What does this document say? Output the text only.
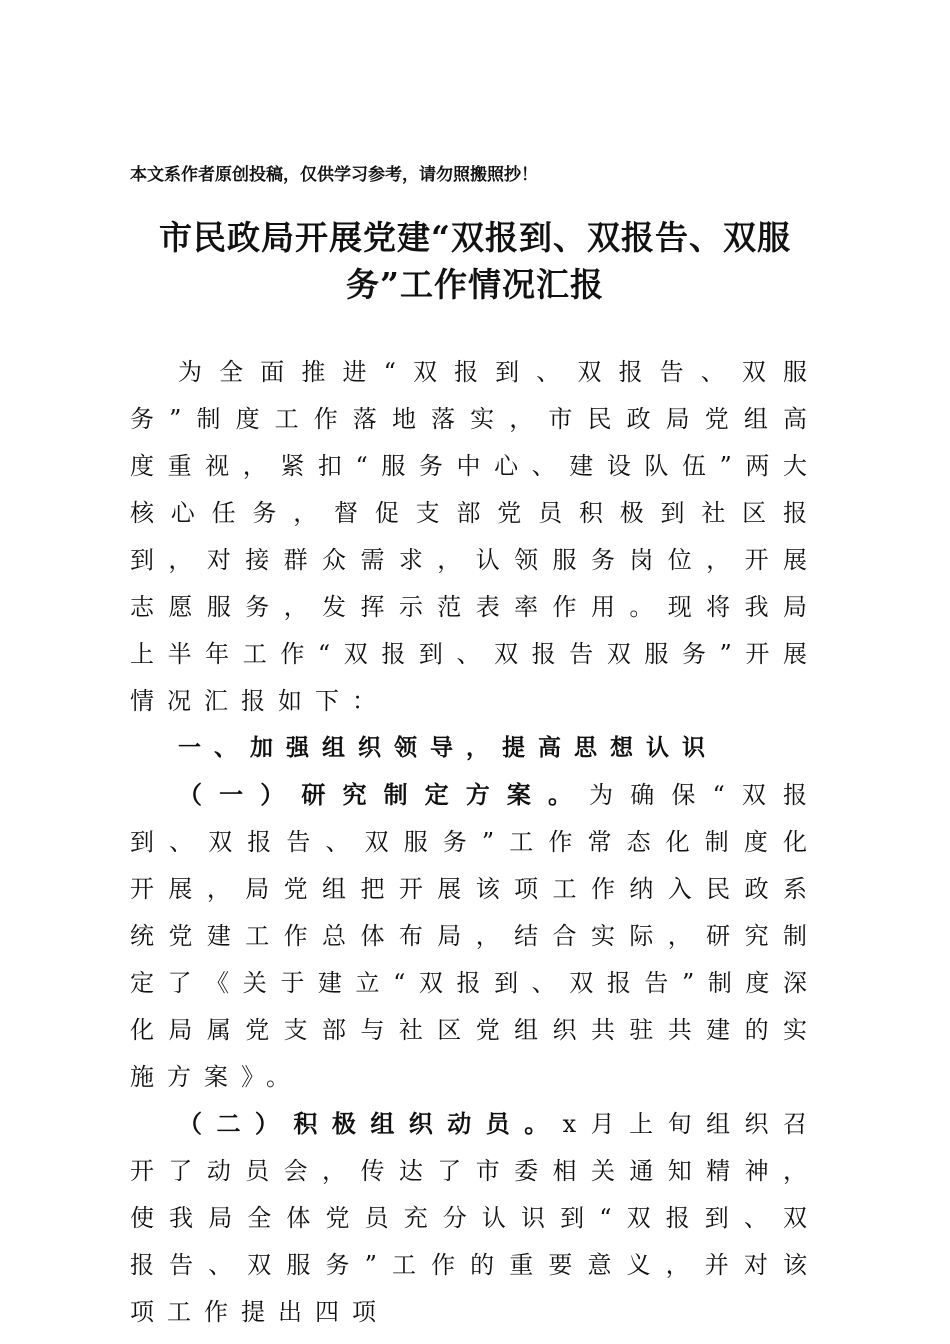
本文系作者原创投稿，仅供学习参考，请勿照搬照抄！
市民政局开展党建“双报到、双报告、双服务”工作情况汇报

为全面推进“双报到、双报告、双服务”制度工作落地落实，市民政局党组高度重视，紧扣“服务中心、建设队伍”两大核心任务，督促支部党员积极到社区报到，对接群众需求，认领服务岗位，开展志愿服务，发挥示范表率作用。现将我局上半年工作“双报到、双报告双服务”开展情况汇报如下：

一、加强组织领导，提高思想认识

（一）研究制定方案。为确保“双报到、双报告、双服务”工作常态化制度化开展，局党组把开展该项工作纳入民政系统党建工作总体布局，结合实际，研究制定了《关于建立“双报到、双报告”制度深化局属党支部与社区党组织共驻共建的实施方案》。

（二）积极组织动员。x月上旬组织召开了动员会，传达了市委相关通知精神，使我局全体党员充分认识到“双报到、双报告、双服务”工作的重要意义，并对该项工作提出四项
